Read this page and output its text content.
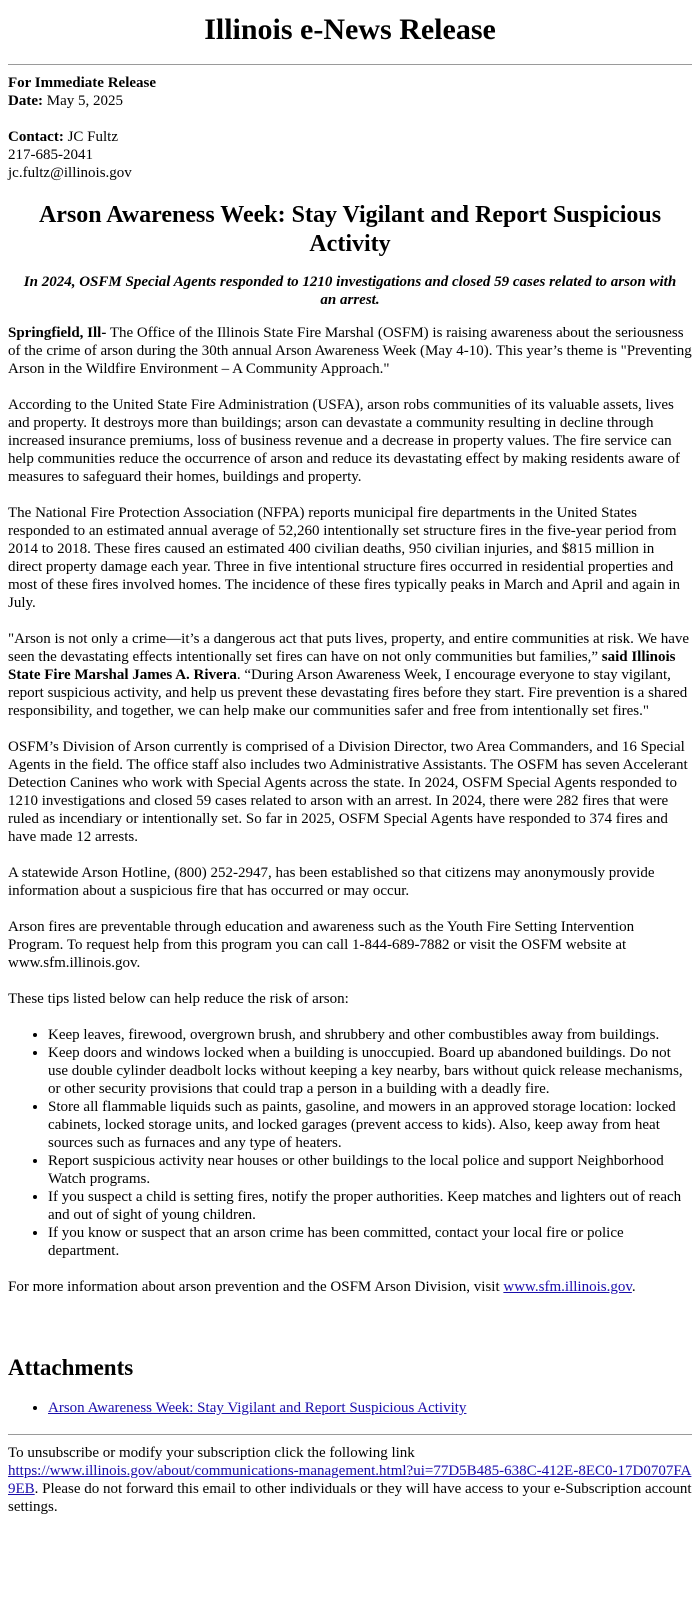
Illinois e-News Release

For Immediate Release

Date: May 5, 2025

Contact: JC Fultz

217-685-2041

jc.fultz@illinois.gov

Arson Awareness Week: Stay Vigilant and Report Suspicious Activity

In 2024, OSFM Special Agents responded to 1210 investigations and closed 59 cases related to arson with an arrest.

Springfield, Ill- The Office of the Illinois State Fire Marshal (OSFM) is raising awareness about the seriousness of the crime of arson during the 30th annual Arson Awareness Week (May 4-10). This year’s theme is "Preventing Arson in the Wildfire Environment – A Community Approach."

According to the United State Fire Administration (USFA), arson robs communities of its valuable assets, lives and property. It destroys more than buildings; arson can devastate a community resulting in decline through increased insurance premiums, loss of business revenue and a decrease in property values. The fire service can help communities reduce the occurrence of arson and reduce its devastating effect by making residents aware of measures to safeguard their homes, buildings and property.

The National Fire Protection Association (NFPA) reports municipal fire departments in the United States responded to an estimated annual average of 52,260 intentionally set structure fires in the five-year period from 2014 to 2018. These fires caused an estimated 400 civilian deaths, 950 civilian injuries, and $815 million in direct property damage each year. Three in five intentional structure fires occurred in residential properties and most of these fires involved homes. The incidence of these fires typically peaks in March and April and again in July.

"Arson is not only a crime—it’s a dangerous act that puts lives, property, and entire communities at risk. We have seen the devastating effects intentionally set fires can have on not only communities but families,” said Illinois State Fire Marshal James A. Rivera. “During Arson Awareness Week, I encourage everyone to stay vigilant, report suspicious activity, and help us prevent these devastating fires before they start. Fire prevention is a shared responsibility, and together, we can help make our communities safer and free from intentionally set fires."

OSFM’s Division of Arson currently is comprised of a Division Director, two Area Commanders, and 16 Special Agents in the field. The office staff also includes two Administrative Assistants. The OSFM has seven Accelerant Detection Canines who work with Special Agents across the state. In 2024, OSFM Special Agents responded to 1210 investigations and closed 59 cases related to arson with an arrest. In 2024, there were 282 fires that were ruled as incendiary or intentionally set. So far in 2025, OSFM Special Agents have responded to 374 fires and have made 12 arrests.

A statewide Arson Hotline, (800) 252-2947, has been established so that citizens may anonymously provide information about a suspicious fire that has occurred or may occur.

Arson fires are preventable through education and awareness such as the Youth Fire Setting Intervention Program. To request help from this program you can call 1-844-689-7882 or visit the OSFM website at www.sfm.illinois.gov.

These tips listed below can help reduce the risk of arson:

• Keep leaves, firewood, overgrown brush, and shrubbery and other combustibles away from buildings.
• Keep doors and windows locked when a building is unoccupied. Board up abandoned buildings. Do not use double cylinder deadbolt locks without keeping a key nearby, bars without quick release mechanisms, or other security provisions that could trap a person in a building with a deadly fire.
• Store all flammable liquids such as paints, gasoline, and mowers in an approved storage location: locked cabinets, locked storage units, and locked garages (prevent access to kids). Also, keep away from heat sources such as furnaces and any type of heaters.
• Report suspicious activity near houses or other buildings to the local police and support Neighborhood Watch programs.
• If you suspect a child is setting fires, notify the proper authorities. Keep matches and lighters out of reach and out of sight of young children.
• If you know or suspect that an arson crime has been committed, contact your local fire or police department.

For more information about arson prevention and the OSFM Arson Division, visit www.sfm.illinois.gov.

Attachments
• Arson Awareness Week: Stay Vigilant and Report Suspicious Activity

To unsubscribe or modify your subscription click the following link
https://www.illinois.gov/about/communications-management.html?ui=77D5B485-638C-412E-8EC0-17D0707FA9EB. Please do not forward this email to other individuals or they will have access to your e-Subscription account settings.
